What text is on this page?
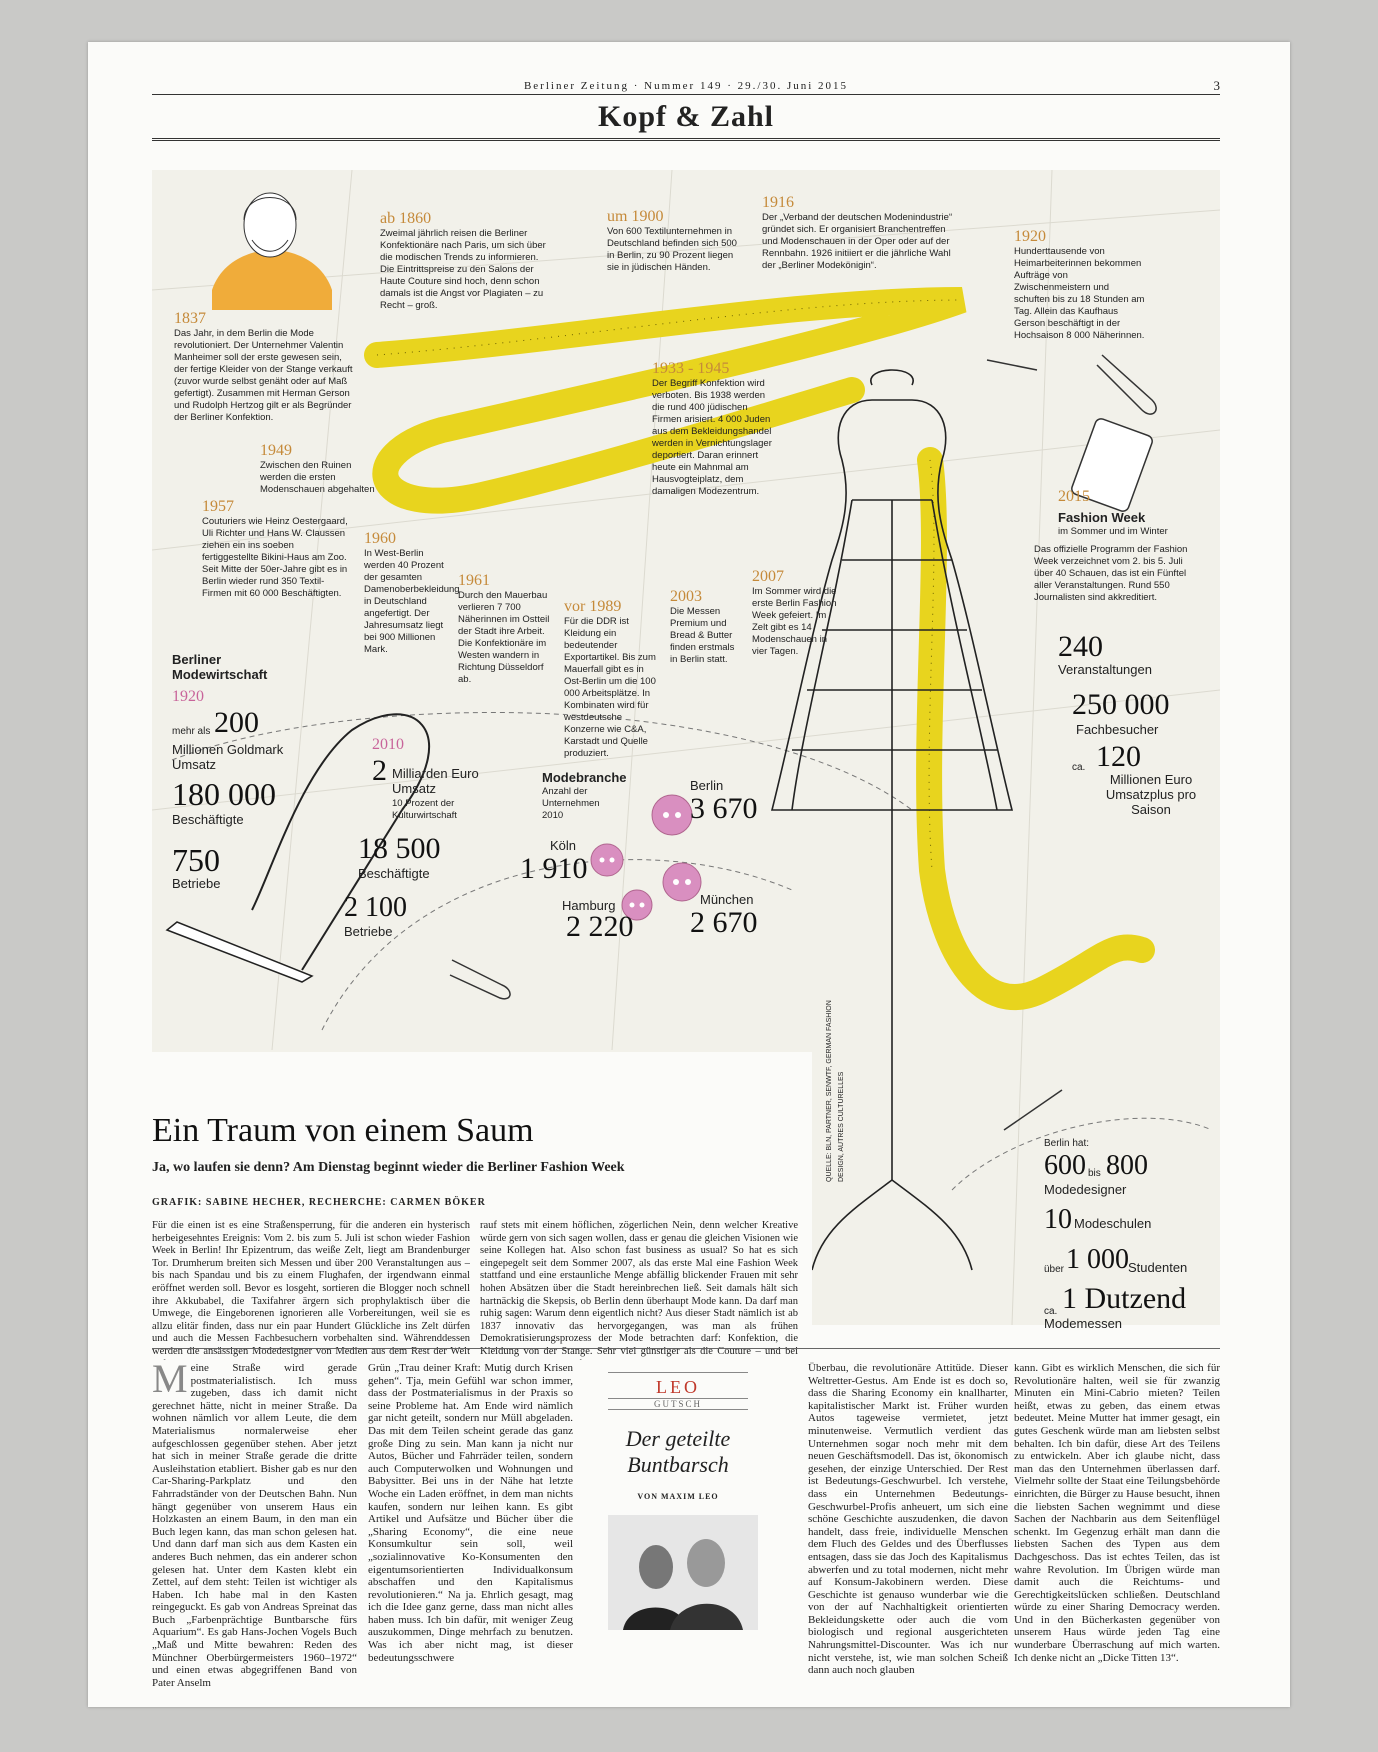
Berliner Zeitung · Nummer 149 · 29./30. Juni 2015	3
Kopf & Zahl
1837
Das Jahr, in dem Berlin die Mode revolutioniert. Der Unternehmer Valentin Manheimer soll der erste gewesen sein, der fertige Kleider von der Stange verkauft (zuvor wurde selbst genäht oder auf Maß gefertigt). Zusammen mit Herman Gerson und Rudolph Hertzog gilt er als Begründer der Berliner Konfektion.
ab 1860
Zweimal jährlich reisen die Berliner Konfektionäre nach Paris, um sich über die modischen Trends zu informieren. Die Eintrittspreise zu den Salons der Haute Couture sind hoch, denn schon damals ist die Angst vor Plagiaten – zu Recht – groß.
um 1900
Von 600 Textilunternehmen in Deutschland befinden sich 500 in Berlin, zu 90 Prozent liegen sie in jüdischen Händen.
1916
Der „Verband der deutschen Modenindustrie“ gründet sich. Er organisiert Branchentreffen und Modenschauen in der Oper oder auf der Rennbahn. 1926 initiiert er die jährliche Wahl der „Berliner Modekönigin“.
1920
Hunderttausende von Heimarbeiterinnen bekommen Aufträge von Zwischenmeistern und schuften bis zu 18 Stunden am Tag. Allein das Kaufhaus Gerson beschäftigt in der Hochsaison 8 000 Näherinnen.
1933 - 1945
Der Begriff Konfektion wird verboten. Bis 1938 werden die rund 400 jüdischen Firmen arisiert. 4 000 Juden aus dem Bekleidungshandel werden in Vernichtungslager deportiert. Daran erinnert heute ein Mahnmal am Hausvogteiplatz, dem damaligen Modezentrum.
1949
Zwischen den Ruinen werden die ersten Modenschauen abgehalten
1957
Couturiers wie Heinz Oestergaard, Uli Richter und Hans W. Claussen ziehen ein ins soeben fertiggestellte Bikini-Haus am Zoo. Seit Mitte der 50er-Jahre gibt es in Berlin wieder rund 350 Textil-Firmen mit 60 000 Beschäftigten.
1960
In West-Berlin werden 40 Prozent der gesamten Damenoberbekleidung in Deutschland angefertigt. Der Jahresumsatz liegt bei 900 Millionen Mark.
1961
Durch den Mauerbau verlieren 7 700 Näherinnen im Ostteil der Stadt ihre Arbeit. Die Konfektionäre im Westen wandern in Richtung Düsseldorf ab.
vor 1989
Für die DDR ist Kleidung ein bedeutender Exportartikel. Bis zum Mauerfall gibt es in Ost-Berlin um die 100 000 Arbeitsplätze. In Kombinaten wird für westdeutsche Konzerne wie C&A, Karstadt und Quelle produziert.
2003
Die Messen Premium und Bread & Butter finden erstmals in Berlin statt.
2007
Im Sommer wird die erste Berlin Fashion Week gefeiert. Im Zelt gibt es 14 Modenschauen in vier Tagen.
2015
Fashion Week
im Sommer und im Winter
Das offizielle Programm der Fashion Week verzeichnet vom 2. bis 5. Juli über 40 Schauen, das ist ein Fünftel aller Veranstaltungen. Rund 550 Journalisten sind akkreditiert.
240
Veranstaltungen
250 000
Fachbesucher
ca. 120
Millionen Euro Umsatzplus pro Saison
Berliner Modewirtschaft
1920
mehr als 200
Millionen Goldmark Umsatz
180 000
Beschäftigte
750
Betriebe
2010
2 Milliarden Euro Umsatz
10 Prozent der Kulturwirtschaft
18 500
Beschäftigte
2 100
Betriebe
Modebranche
Anzahl der Unternehmen 2010
Berlin
3 670
Köln
1 910
Hamburg
2 220
München
2 670
Berlin hat:
600 bis 800
Modedesigner
10 Modeschulen
über 1 000 Studenten
ca. 1 Dutzend
Modemessen
QUELLE: BLN, PARTNER, SENWTF, GERMAN FASHION DESIGN, AUTRES CULTURELLES
Ein Traum von einem Saum
Ja, wo laufen sie denn? Am Dienstag beginnt wieder die Berliner Fashion Week
GRAFIK: SABINE HECHER, RECHERCHE: CARMEN BÖKER
Für die einen ist es eine Straßensperrung, für die anderen ein hysterisch herbeigesehntes Ereignis: Vom 2. bis zum 5. Juli ist schon wieder Fashion Week in Berlin! Ihr Epizentrum, das weiße Zelt, liegt am Brandenburger Tor. Drumherum breiten sich Messen und über 200 Veranstaltungen aus – bis nach Spandau und bis zu einem Flughafen, der irgendwann einmal eröffnet werden soll. Bevor es losgeht, sortieren die Blogger noch schnell ihre Akkubabel, die Taxifahrer ärgern sich prophylaktisch über die Umwege, die Eingeborenen ignorieren alle Vorbereitungen, weil sie es allzu elitär finden, dass nur ein paar Hundert Glückliche ins Zelt dürfen und auch die Messen Fachbesuchern vorbehalten sind. Währenddessen werden die ansässigen Modedesigner von Medien aus dem Rest der Welt
rauf stets mit einem höflichen, zögerlichen Nein, denn welcher Kreative würde gern von sich sagen wollen, dass er genau die gleichen Visionen wie seine Kollegen hat. Also schon fast business as usual? So hat es sich eingepegelt seit dem Sommer 2007, als das erste Mal eine Fashion Week stattfand und eine erstaunliche Menge abfällig blickender Frauen mit sehr hohen Absätzen über die Stadt hereinbrechen ließ. Seit damals hält sich hartnäckig die Skepsis, ob Berlin denn überhaupt Mode kann. Da darf man ruhig sagen: Warum denn eigentlich nicht? Aus dieser Stadt nämlich ist ab 1837 innovativ das hervorgegangen, was man als frühen Demokratisierungsprozess der Mode betrachten darf: Konfektion, die Kleidung von der Stange. Sehr viel günstiger als die Couture – und bei
Meine Straße wird gerade postmaterialistisch. Ich muss zugeben, dass ich damit nicht gerechnet hätte, nicht in meiner Straße. Da wohnen nämlich vor allem Leute, die dem Materialismus normalerweise eher aufgeschlossen gegenüber stehen. Aber jetzt hat sich in meiner Straße gerade die dritte Ausleihstation etabliert. Bisher gab es nur den Car-Sharing-Parkplatz und den Fahrradständer von der Deutschen Bahn. Nun hängt gegenüber von unserem Haus ein Holzkasten an einem Baum, in den man ein Buch legen kann, das man schon gelesen hat. Und dann darf man sich aus dem Kasten ein anderes Buch nehmen, das ein anderer schon gelesen hat. Unter dem Kasten klebt ein Zettel, auf dem steht: Teilen ist wichtiger als Haben. Ich habe mal in den Kasten reingeguckt. Es gab von Andreas Spreinat das Buch „Farbenprächtige Buntbarsche fürs Aquarium“. Es gab Hans-Jochen Vogels Buch „Maß und Mitte bewahren: Reden des Münchner Oberbürgermeisters 1960–1972“ und einen etwas abgegriffenen Band von Pater Anselm
Grün „Trau deiner Kraft: Mutig durch Krisen gehen“. Tja, mein Gefühl war schon immer, dass der Postmaterialismus in der Praxis so seine Probleme hat. Am Ende wird nämlich gar nicht geteilt, sondern nur Müll abgeladen. Das mit dem Teilen scheint gerade das ganz große Ding zu sein. Man kann ja nicht nur Autos, Bücher und Fahrräder teilen, sondern auch Computerwolken und Wohnungen und Babysitter. Bei uns in der Nähe hat letzte Woche ein Laden eröffnet, in dem man nichts kaufen, sondern nur leihen kann. Es gibt Artikel und Aufsätze und Bücher über die „Sharing Economy“, die eine neue Konsumkultur sein soll, weil „sozialinnovative Ko-Konsumenten den eigentumsorientierten Individualkonsum abschaffen und den Kapitalismus revolutionieren.“ Na ja. Ehrlich gesagt, mag ich die Idee ganz gerne, dass man nicht alles haben muss. Ich bin dafür, mit weniger Zeug auszukommen, Dinge mehrfach zu benutzen. Was ich aber nicht mag, ist dieser bedeutungsschwere
LEO
GUTSCH
Der geteilte Buntbarsch
VON MAXIM LEO
Überbau, die revolutionäre Attitüde. Dieser Weltretter-Gestus. Am Ende ist es doch so, dass die Sharing Economy ein knallharter, kapitalistischer Markt ist. Früher wurden Autos tageweise vermietet, jetzt minutenweise. Vermutlich verdient das Unternehmen sogar noch mehr mit dem neuen Geschäftsmodell. Das ist, ökonomisch gesehen, der einzige Unterschied. Der Rest ist Bedeutungs-Geschwurbel. Ich verstehe, dass ein Unternehmen Bedeutungs-Geschwurbel-Profis anheuert, um sich eine schöne Geschichte auszudenken, die davon handelt, dass freie, individuelle Menschen dem Fluch des Geldes und des Überflusses entsagen, dass sie das Joch des Kapitalismus abwerfen und zu total modernen, nicht mehr auf Konsum-Jakobinern werden. Diese Geschichte ist genauso wunderbar wie die von der auf Nachhaltigkeit orientierten Bekleidungskette oder auch die vom biologisch und regional ausgerichteten Nahrungsmittel-Discounter. Was ich nur nicht verstehe, ist, wie man solchen Scheiß dann auch noch glauben
kann. Gibt es wirklich Menschen, die sich für Revolutionäre halten, weil sie für zwanzig Minuten ein Mini-Cabrio mieten? Teilen heißt, etwas zu geben, das einem etwas bedeutet. Meine Mutter hat immer gesagt, ein gutes Geschenk würde man am liebsten selbst behalten. Ich bin dafür, diese Art des Teilens zu entwickeln. Aber ich glaube nicht, dass man das den Unternehmen überlassen darf. Vielmehr sollte der Staat eine Teilungsbehörde einrichten, die Bürger zu Hause besucht, ihnen die liebsten Sachen wegnimmt und diese Sachen der Nachbarin aus dem Seitenflügel schenkt. Im Gegenzug erhält man dann die liebsten Sachen des Typen aus dem Dachgeschoss. Das ist echtes Teilen, das ist wahre Revolution. Im Übrigen würde man damit auch die Reichtums- und Gerechtigkeitslücken schließen. Deutschland würde zu einer Sharing Democracy werden. Und in den Bücherkasten gegenüber von unserem Haus würde jeden Tag eine wunderbare Überraschung auf mich warten. Ich denke nicht an „Dicke Titten 13“.
